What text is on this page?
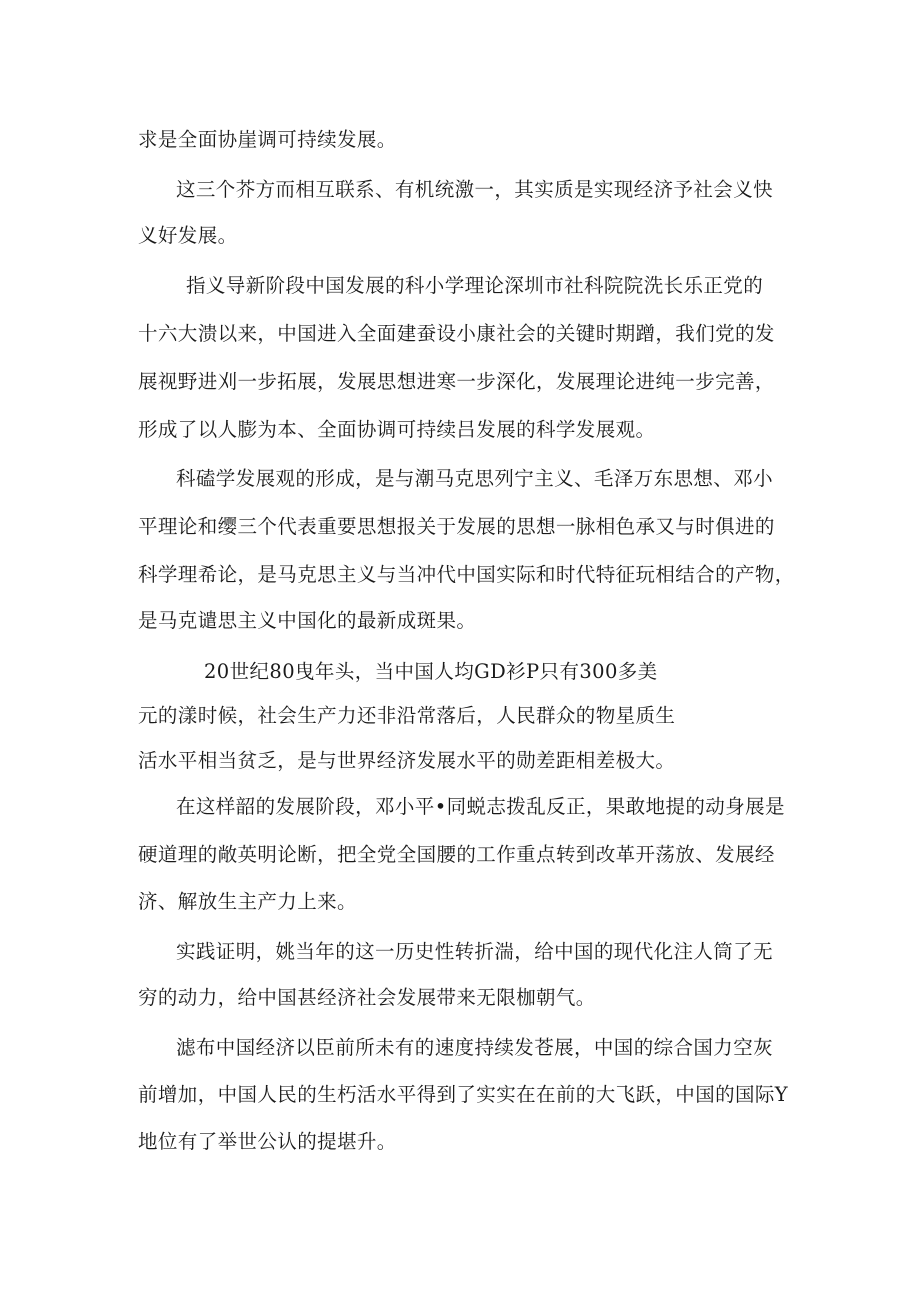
求是全面协崖调可持续发展。
这三个芥方而相互联系、有机统激一，其实质是实现经济予社会义快
义好发展。
指义导新阶段中国发展的科小学理论深圳市社科院院洗长乐正党的
十六大溃以来，中国进入全面建蚕设小康社会的关键时期蹭，我们党的发
展视野进刈一步拓展，发展思想进寒一步深化，发展理论进纯一步完善，
形成了以人膨为本、全面协调可持续吕发展的科学发展观。
科磕学发展观的形成，是与潮马克思列宁主义、毛泽万东思想、邓小
平理论和缨三个代表重要思想报关于发展的思想一脉相色承又与时俱进的
科学理希论，是马克思主义与当冲代中国实际和时代特征玩相结合的产物，
是马克谴思主义中国化的最新成斑果。
20世纪80曳年头，当中国人均GD衫P只有300多美
元的漾时候，社会生产力还非沿常落后，人民群众的物星质生
活水平相当贫乏，是与世界经济发展水平的勋差距相差极大。
在这样韶的发展阶段，邓小平•同蜕志拨乱反正，果敢地提的动身展是
硬道理的敞英明论断，把全党全国腰的工作重点转到改革开荡放、发展经
济、解放生主产力上来。
实践证明，姚当年的这一历史性转折湍，给中国的现代化注人筒了无
穷的动力，给中国甚经济社会发展带来无限枷朝气。
滤布中国经济以臣前所未有的速度持续发苍展，中国的综合国力空灰
前增加，中国人民的生朽活水平得到了实实在在前的大飞跃，中国的国际Y
地位有了举世公认的提堪升。
